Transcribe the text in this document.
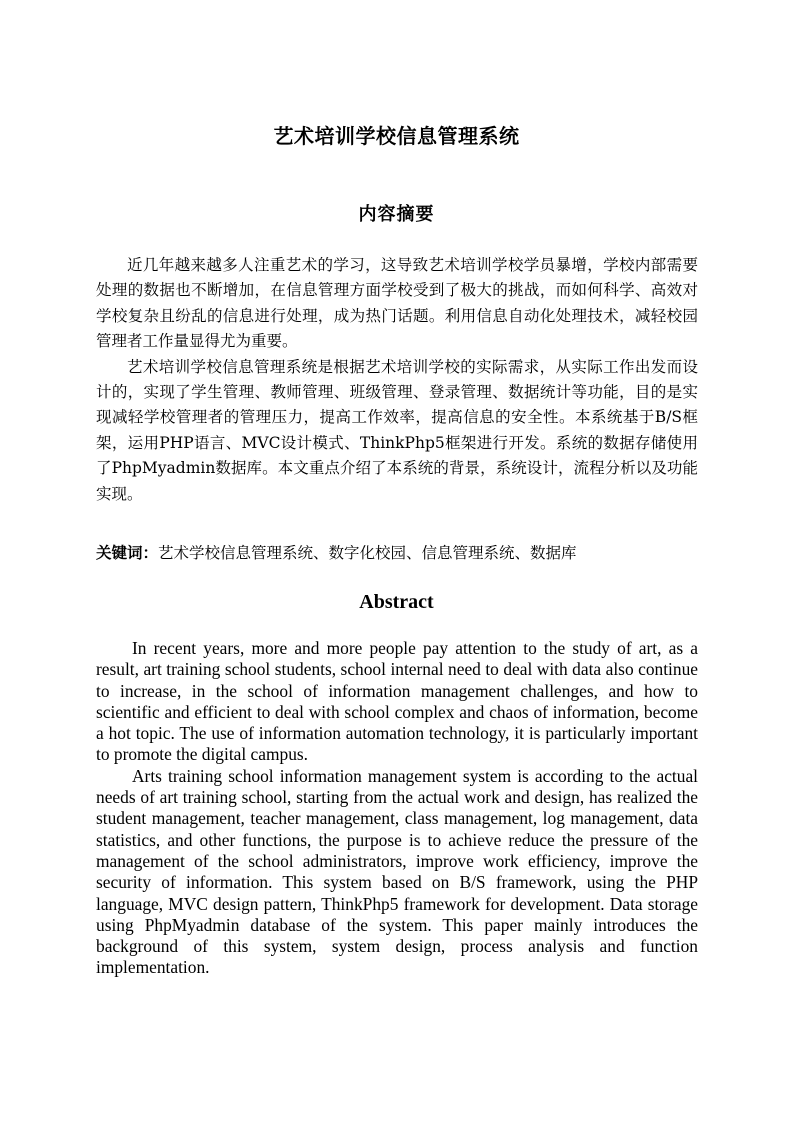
艺术培训学校信息管理系统
内容摘要

近几年越来越多人注重艺术的学习，这导致艺术培训学校学员暴增，学校内部需要处理的数据也不断增加，在信息管理方面学校受到了极大的挑战，而如何科学、高效对学校复杂且纷乱的信息进行处理，成为热门话题。利用信息自动化处理技术，减轻校园管理者工作量显得尤为重要。

艺术培训学校信息管理系统是根据艺术培训学校的实际需求，从实际工作出发而设计的，实现了学生管理、教师管理、班级管理、登录管理、数据统计等功能，目的是实现减轻学校管理者的管理压力，提高工作效率，提高信息的安全性。本系统基于B/S框架，运用PHP语言、MVC设计模式、ThinkPhp5框架进行开发。系统的数据存储使用了PhpMyadmin数据库。本文重点介绍了本系统的背景，系统设计，流程分析以及功能实现。

关键词：艺术学校信息管理系统、数字化校园、信息管理系统、数据库
Abstract

In recent years, more and more people pay attention to the study of art, as a result, art training school students, school internal need to deal with data also continue to increase, in the school of information management challenges, and how to scientific and efficient to deal with school complex and chaos of information, become a hot topic. The use of information automation technology, it is particularly important to promote the digital campus.

Arts training school information management system is according to the actual needs of art training school, starting from the actual work and design, has realized the student management, teacher management, class management, log management, data statistics, and other functions, the purpose is to achieve reduce the pressure of the management of the school administrators, improve work efficiency, improve the security of information. This system based on B/S framework, using the PHP language, MVC design pattern, ThinkPhp5 framework for development. Data storage using PhpMyadmin database of the system. This paper mainly introduces the background of this system, system design, process analysis and function implementation.
